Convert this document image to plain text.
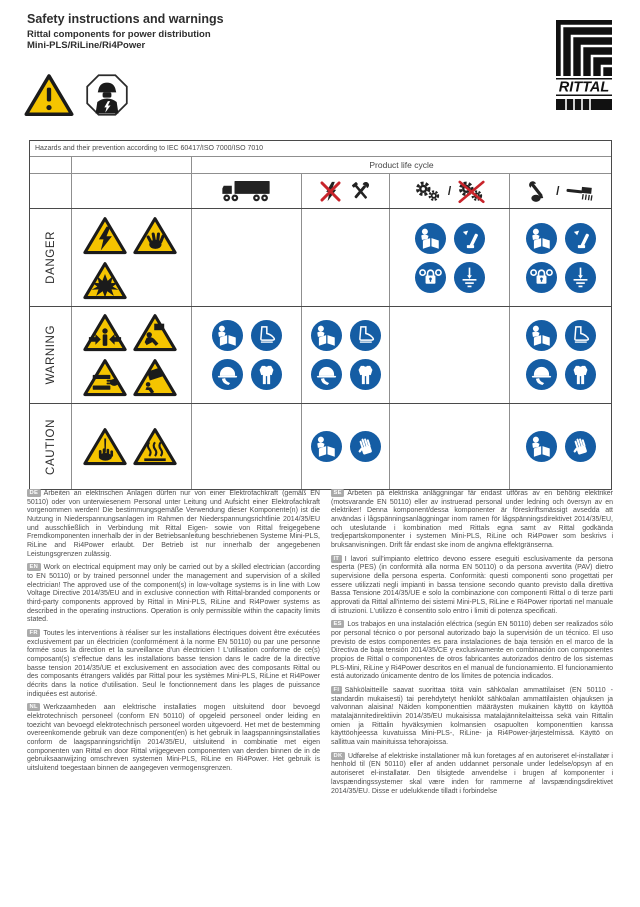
Safety instructions and warnings
Rittal components for power distribution
Mini-PLS/RiLine/Ri4Power
RITTAL
Hazards and their prevention according to IEC 60417/ISO 7000/ISO 7010
Product life cycle
/	/
DANGER
WARNING
CAUTION

DE Arbeiten an elektrischen Anlagen dürfen nur von einer Elektrofachkraft (gemäß EN 50110) oder von unterwiesenem Personal unter Leitung und Aufsicht einer Elektrofachkraft vorgenommen werden! Die bestimmungsgemäße Verwendung dieser Komponente(n) ist die Nutzung in Niederspannungsanlagen im Rahmen der Niederspannungsrichtlinie 2014/35/EU und ausschließlich in Verbindung mit Rittal Eigen- sowie von Rittal freigegebene Fremdkomponenten innerhalb der in der Betriebsanleitung beschriebenen Systeme Mini-PLS, RiLine and Ri4Power erlaubt. Der Betrieb ist nur innerhalb der angegebenen Leistungsgrenzen zulässig.

EN Work on electrical equipment may only be carried out by a skilled electrician (according to EN 50110) or by trained personnel under the management and supervision of a skilled electrician! The approved use of the component(s) in low-voltage systems is in line with Low Voltage Directive 2014/35/EU and in exclusive connection with Rittal-branded components or third-party components approved by Rittal in Mini-PLS, RiLine and Ri4Power systems as described in the operating instructions. Operation is only permissible within the capacity limits stated.

FR Toutes les interventions à réaliser sur les installations électriques doivent être exécutées exclusivement par un électricien (conformément à la norme EN 50110) ou par une personne formée sous la direction et la surveillance d'un électricien ! L'utilisation conforme de ce(s) composant(s) s'effectue dans les installations basse tension dans le cadre de la directive basse tension 2014/35/UE et exclusivement en association avec des composants Rittal ou des composants étrangers validés par Rittal pour les systèmes Mini-PLS, RiLine et Ri4Power décrits dans la notice d'utilisation. Seul le fonctionnement dans les plages de puissance indiquées est autorisé.

NL Werkzaamheden aan elektrische installaties mogen uitsluitend door bevoegd elektrotechnisch personeel (conform EN 50110) of opgeleid personeel onder leiding en toezicht van bevoegd elektrotechnisch personeel worden uitgevoerd. Het met de bestemming overeenkomende gebruik van deze component(en) is het gebruik in laagspanningsinstallaties conform de laagspanningsrichtlijn 2014/35/EU, uitsluitend in combinatie met eigen componenten van Rittal en door Rittal vrijgegeven componenten van derden binnen de in de gebruiksaanwijzing omschreven systemen Mini-PLS, RiLine en Ri4Power. Het gebruik is uitsluitend toegestaan binnen de aangegeven vermogensgrenzen.

SE Arbeten på elektriska anläggningar får endast utföras av en behörig elektriker (motsvarande EN 50110) eller av instruerad personal under ledning och översyn av en elektriker! Denna komponent/dessa komponenter är föreskriftsmässigt avsedda att användas i lågspänningsanläggningar inom ramen för lågspänningsdirektivet 2014/35/EU, och uteslutande i kombination med Rittals egna samt av Rittal godkända tredjepartskomponenter i systemen Mini-PLS, RiLine och Ri4Power som beskrivs i bruksanvisningen. Drift får endast ske inom de angivna effektgränserna.

IT I lavori sull'impianto elettrico devono essere eseguiti esclusivamente da persona esperta (PES) (in conformità alla norma EN 50110) o da persona avvertita (PAV) dietro supervisione della persona esperta. Conformità: questi componenti sono progettati per essere utilizzati negli impianti in bassa tensione secondo quanto previsto dalla direttiva Bassa Tensione 2014/35/UE e solo la combinazione con componenti Rittal o di terze parti approvati da Rittal all'interno dei sistemi Mini-PLS, RiLine e Ri4Power riportati nel manuale di istruzioni. L'utilizzo è consentito solo entro i limiti di potenza specificati.

ES Los trabajos en una instalación eléctrica (según EN 50110) deben ser realizados sólo por personal técnico o por personal autorizado bajo la supervisión de un técnico. El uso previsto de estos componentes es para instalaciones de baja tensión en el marco de la Directiva de baja tensión 2014/35/CE y exclusivamente en combinación con componentes propios de Rittal o componentes de otros fabricantes autorizados dentro de los sistemas PLS-Mini, RiLine y Ri4Power descritos en el manual de funcionamiento. El funcionamiento está autorizado únicamente dentro de los límites de potencia indicados.

FI Sähkölaitteille saavat suorittaa töitä vain sähköalan ammattilaiset (EN 50110 -standardin mukaisesti) tai perehdytetyt henkilöt sähköalan ammattilaisten ohjauksen ja valvonnan alaisina! Näiden komponenttien määräysten mukainen käyttö on käyttöä matalajännitedirektiivin 2014/35/EU mukaisissa matalajännitelaitteissa sekä vain Rittalin omien ja Rittalin hyväksymien kolmansien osapuolten komponenttien kanssa käyttöohjeessa kuvatuissa Mini-PLS-, RiLine- ja Ri4Power-järjestelmissä. Käyttö on sallittua vain mainituissa tehorajoissa.

DK Udførelse af elektriske installationer må kun foretages af en autoriseret el-installatør i henhold til (EN 50110) eller af anden uddannet personale under ledelse/opsyn af en autoriseret el-installatør. Den tilsigtede anvendelse i brugen af komponenter i lavspændingssystemer skal være inden for rammerne af lavspændingsdirektivet 2014/35/EU. Disse er udelukkende tilladt i forbindelse
